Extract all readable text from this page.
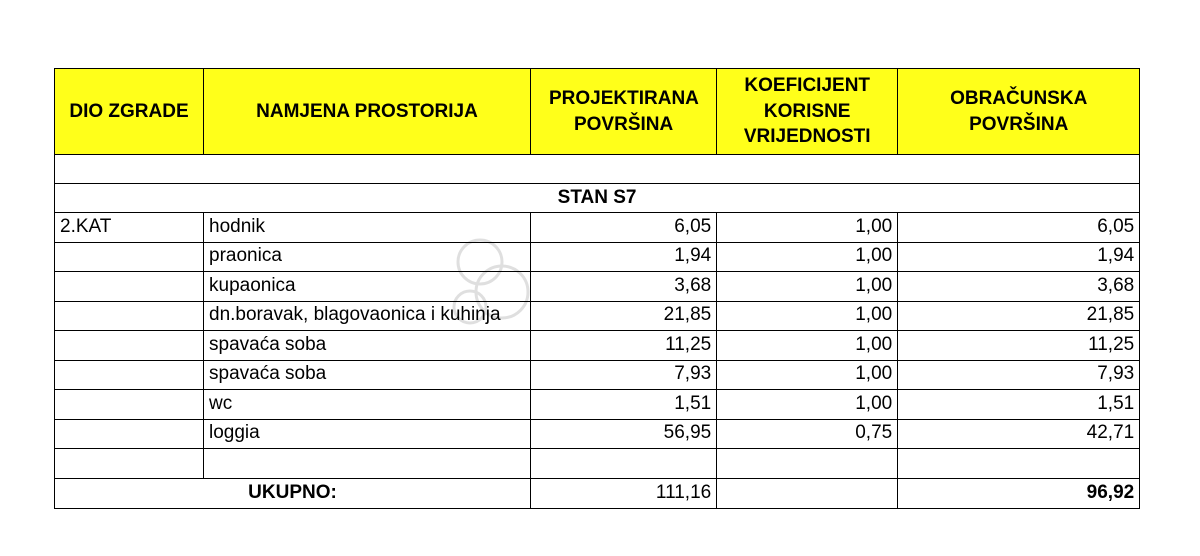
DIO ZGRADE	NAMJENA PROSTORIJA	PROJEKTIRANA POVRŠINA	KOEFICIJENT KORISNE VRIJEDNOSTI	OBRAČUNSKA POVRŠINA

STAN S7				
2.KAT	hodnik	6,05	1,00	6,05
	praonica	1,94	1,00	1,94
	kupaonica	3,68	1,00	3,68
	dn.boravak, blagovaonica i kuhinja	21,85	1,00	21,85
	spavaća soba	11,25	1,00	11,25
	spavaća soba	7,93	1,00	7,93
	wc	1,51	1,00	1,51
	loggia	56,95	0,75	42,71

UKUPNO:		111,16		96,92
